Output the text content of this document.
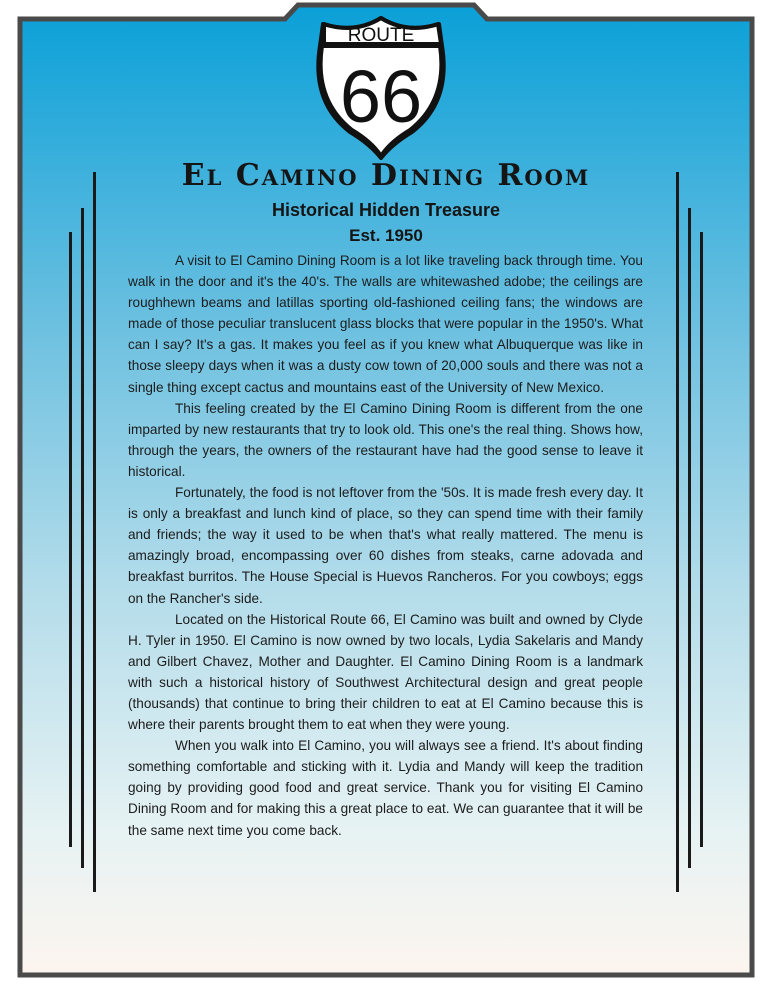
ROUTE
66
El Camino Dining Room
Historical Hidden Treasure
Est. 1950

A visit to El Camino Dining Room is a lot like traveling back through time. You walk in the door and it's the 40's. The walls are whitewashed adobe; the ceilings are roughhewn beams and latillas sporting old-fashioned ceiling fans; the windows are made of those peculiar translucent glass blocks that were popular in the 1950's. What can I say? It's a gas. It makes you feel as if you knew what Albuquerque was like in those sleepy days when it was a dusty cow town of 20,000 souls and there was not a single thing except cactus and mountains east of the University of New Mexico.

This feeling created by the El Camino Dining Room is different from the one imparted by new restaurants that try to look old. This one's the real thing. Shows how, through the years, the owners of the restaurant have had the good sense to leave it historical.

Fortunately, the food is not leftover from the '50s. It is made fresh every day. It is only a breakfast and lunch kind of place, so they can spend time with their family and friends; the way it used to be when that's what really mattered. The menu is amazingly broad, encompassing over 60 dishes from steaks, carne adovada and breakfast burritos. The House Special is Huevos Rancheros. For you cowboys; eggs on the Rancher's side.

Located on the Historical Route 66, El Camino was built and owned by Clyde H. Tyler in 1950. El Camino is now owned by two locals, Lydia Sakelaris and Mandy and Gilbert Chavez, Mother and Daughter. El Camino Dining Room is a landmark with such a historical history of Southwest Architectural design and great people (thousands) that continue to bring their children to eat at El Camino because this is where their parents brought them to eat when they were young.

When you walk into El Camino, you will always see a friend. It's about finding something comfortable and sticking with it. Lydia and Mandy will keep the tradition going by providing good food and great service. Thank you for visiting El Camino Dining Room and for making this a great place to eat. We can guarantee that it will be the same next time you come back.
